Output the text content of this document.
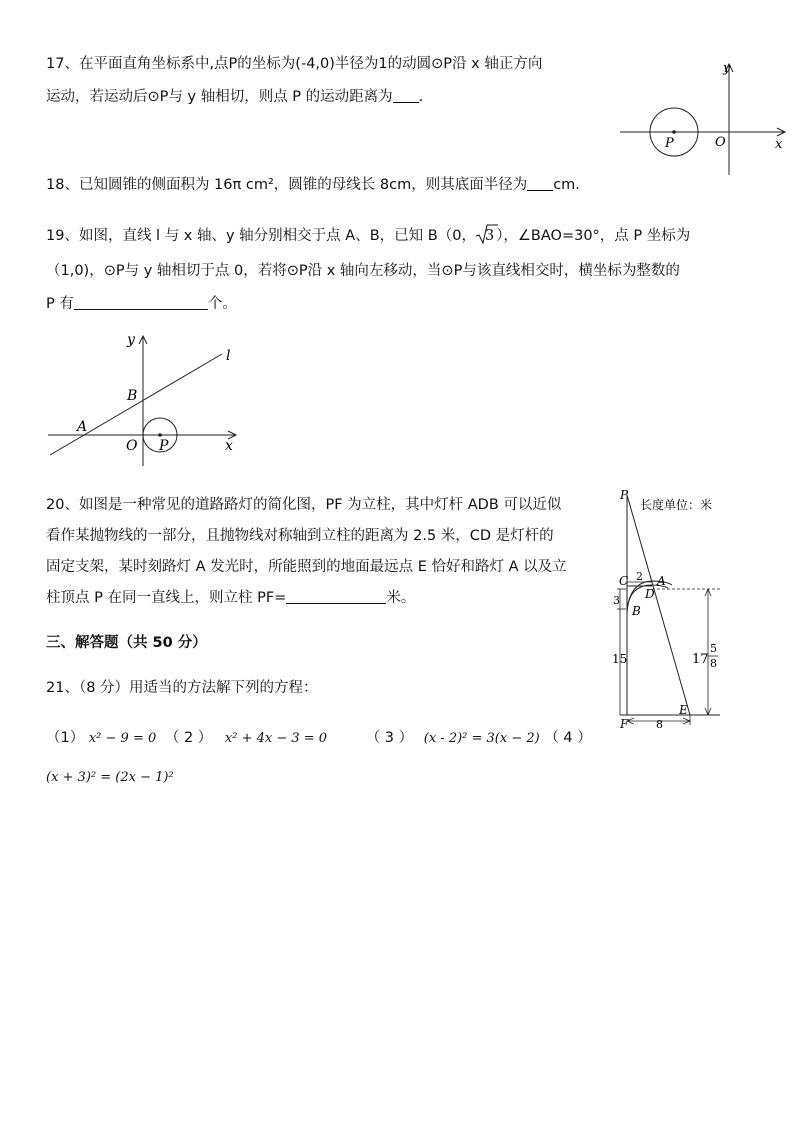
17、在平面直角坐标系中,点P的坐标为(-4,0)半径为1的动圆⊙P沿 x 轴正方向
运动，若运动后⊙P与 y 轴相切，则点 P 的运动距离为 .
y
x
O
P
18、已知圆锥的侧面积为 16π cm²，圆锥的母线长 8cm，则其底面半径为 cm.
19、如图，直线 l 与 x 轴、y 轴分别相交于点 A、B，已知 B（0， 3 ），∠BAO=30°，点 P 坐标为
（1,0)，⊙P与 y 轴相切于点 0，若将⊙P沿 x 轴向左移动，当⊙P与该直线相交时，横坐标为整数的
P 有	个。
y
l
B
A
O P	x
20、如图是一种常见的道路路灯的简化图，PF 为立柱，其中灯杆 ADB 可以近似
看作某抛物线的一部分，且抛物线对称轴到立柱的距离为 2.5 米，CD 是灯杆的
固定支架，某时刻路灯 A 发光时，所能照到的地面最远点 E 恰好和路灯 A 以及立
柱顶点 P 在同一直线上，则立柱 PF=	米。
P
长度单位：米
C 2 A
D
3
B
15	17
5
8
F	8
E
三、解答题（共 50 分）
21、（8 分）用适当的方法解下列的方程：
（1） x² − 9 = 0 （ 2 ） x² + 4x − 3 = 0	（ 3 ） (x - 2)² = 3(x − 2) （ 4 ）
(x + 3)² = (2x − 1)²
